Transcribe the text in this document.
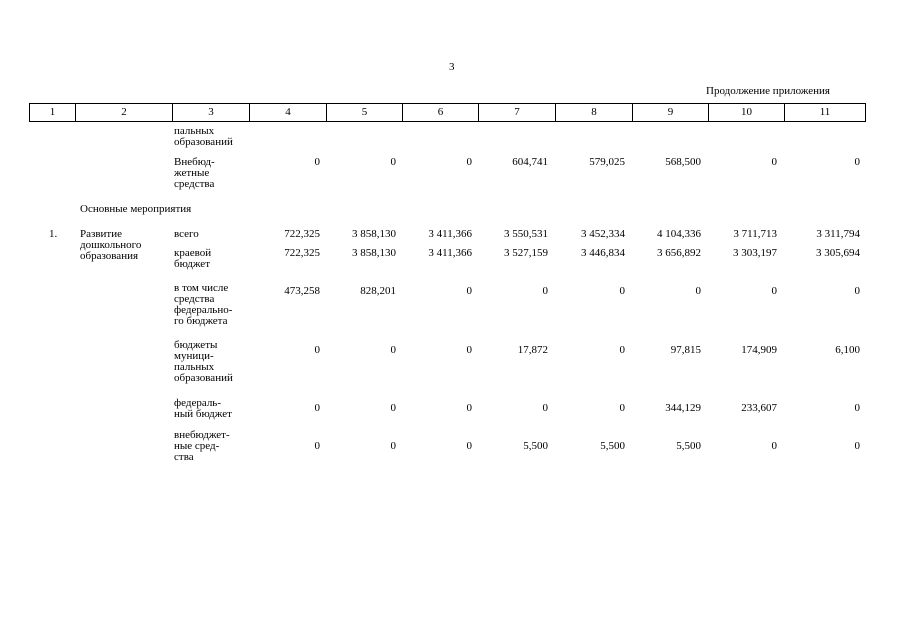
3
Продолжение приложения
1	2	3	4	5	6	7	8	9	10	11
пальных
образований
Внебюд-
жетные
средства
0	0	0	604,741	579,025	568,500	0	0
Основные мероприятия
1. Развитие
дошкольного
образования
всего	722,325	3 858,130	3 411,366	3 550,531	3 452,334	4 104,336	3 711,713	3 311,794
краевой
бюджет
722,325	3 858,130	3 411,366	3 527,159	3 446,834	3 656,892	3 303,197	3 305,694
в том числе
средства
федерально-
го бюджета
473,258	828,201	0	0	0	0	0	0
бюджеты
муници-
пальных
образований
0	0	0	17,872	0	97,815	174,909	6,100
федераль-
ный бюджет	0	0	0	0	0	344,129	233,607	0
внебюджет-
ные сред-
ства
0	0	0	5,500	5,500	5,500	0	0
